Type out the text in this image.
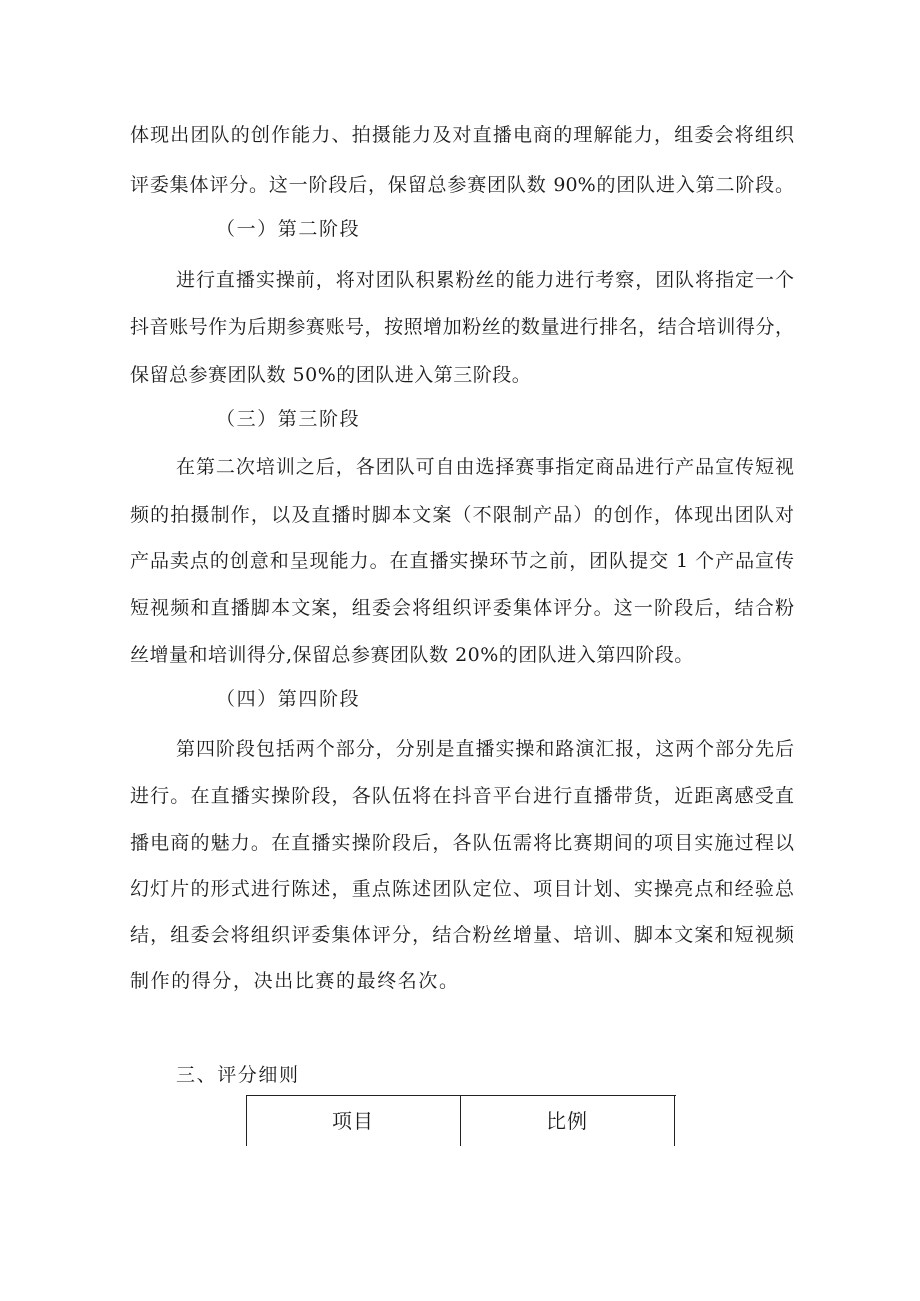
体现出团队的创作能力、拍摄能力及对直播电商的理解能力，组委会将组织
评委集体评分。这一阶段后，保留总参赛团队数 90%的团队进入第二阶段。
（一）第二阶段
进行直播实操前，将对团队积累粉丝的能力进行考察，团队将指定一个
抖音账号作为后期参赛账号，按照增加粉丝的数量进行排名，结合培训得分，
保留总参赛团队数 50%的团队进入第三阶段。
（三）第三阶段
在第二次培训之后，各团队可自由选择赛事指定商品进行产品宣传短视
频的拍摄制作，以及直播时脚本文案（不限制产品）的创作，体现出团队对
产品卖点的创意和呈现能力。在直播实操环节之前，团队提交 1 个产品宣传
短视频和直播脚本文案，组委会将组织评委集体评分。这一阶段后，结合粉
丝增量和培训得分,保留总参赛团队数 20%的团队进入第四阶段。
（四）第四阶段
第四阶段包括两个部分，分别是直播实操和路演汇报，这两个部分先后
进行。在直播实操阶段，各队伍将在抖音平台进行直播带货，近距离感受直
播电商的魅力。在直播实操阶段后，各队伍需将比赛期间的项目实施过程以
幻灯片的形式进行陈述，重点陈述团队定位、项目计划、实操亮点和经验总
结，组委会将组织评委集体评分，结合粉丝增量、培训、脚本文案和短视频
制作的得分，决出比赛的最终名次。
三、评分细则
项目	比例
